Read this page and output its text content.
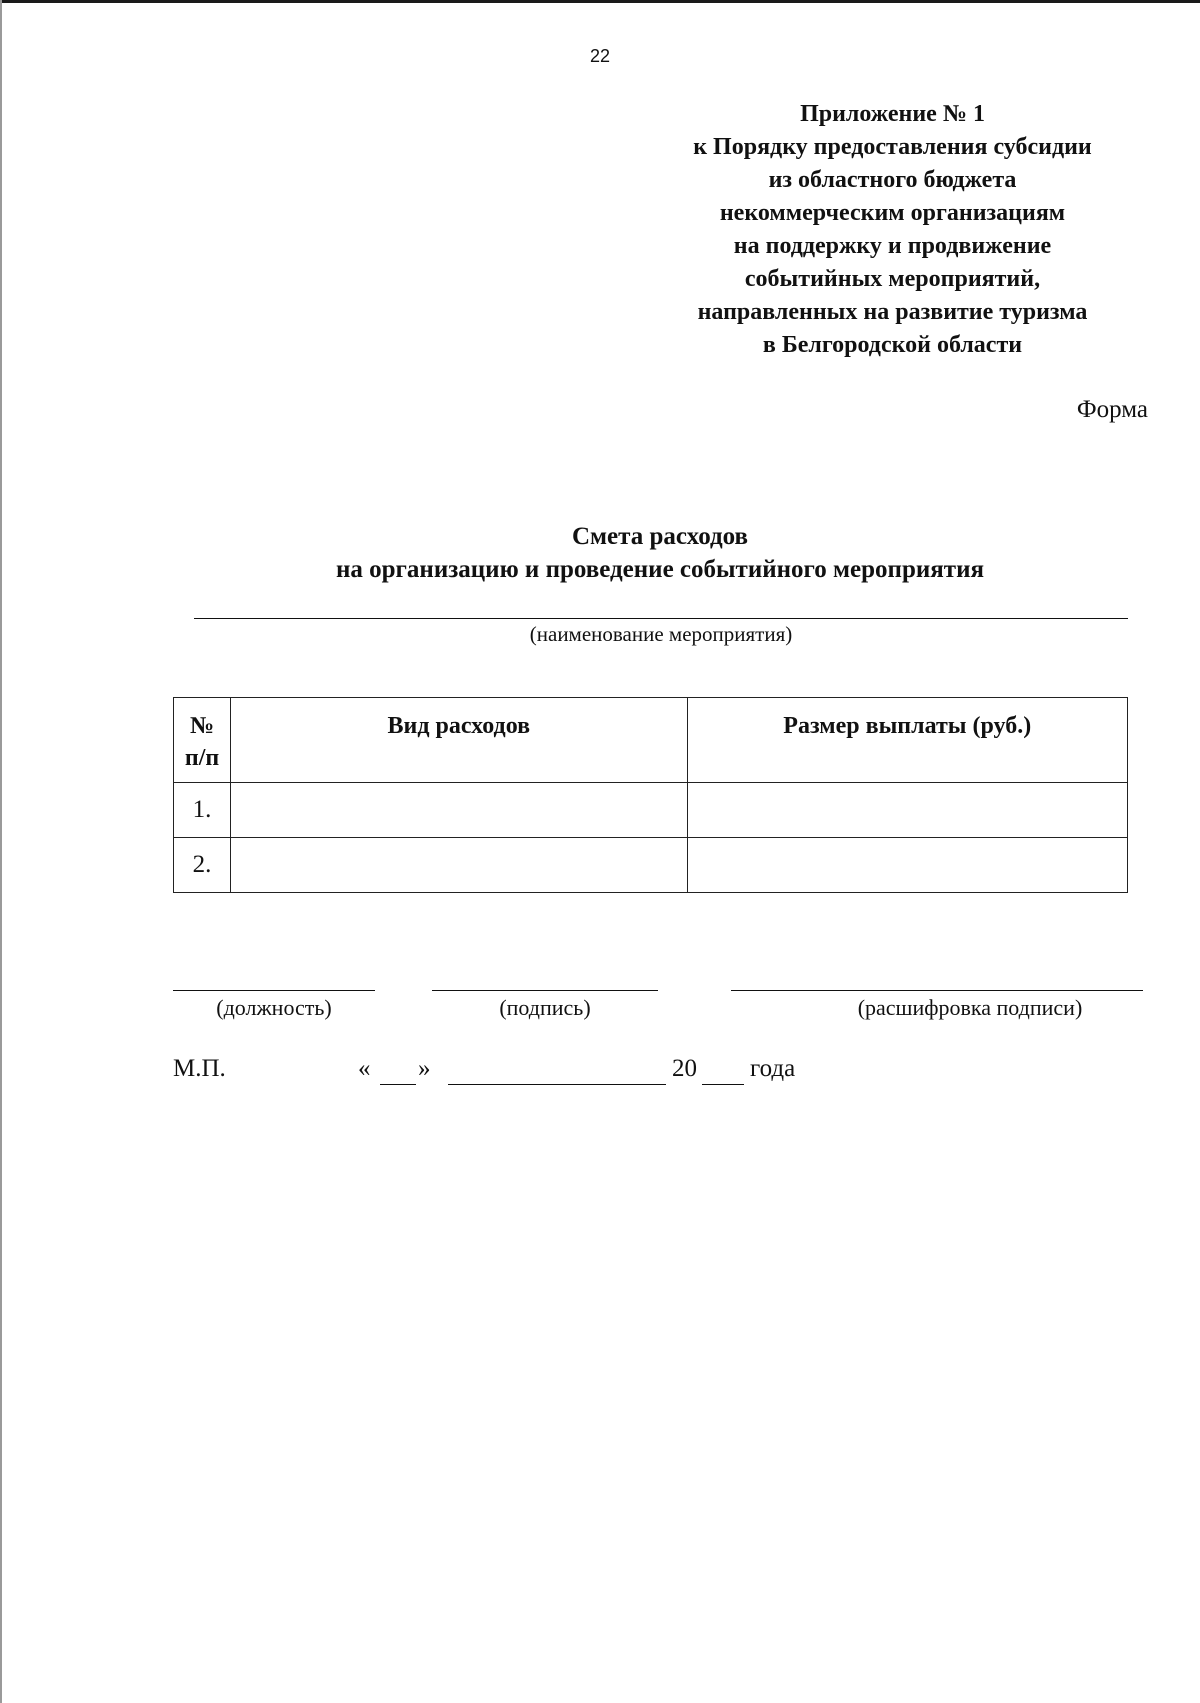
22
Приложение № 1
к Порядку предоставления субсидии
из областного бюджета
некоммерческим организациям
на поддержку и продвижение
событийных мероприятий,
направленных на развитие туризма
в Белгородской области
Форма
Смета расходов
на организацию и проведение событийного мероприятия
(наименование мероприятия)
№
п/п	Вид расходов	Размер выплаты (руб.)
1.		
2.		
(должность)	(подпись)	(расшифровка подписи)
М.П.	« »	20 года
